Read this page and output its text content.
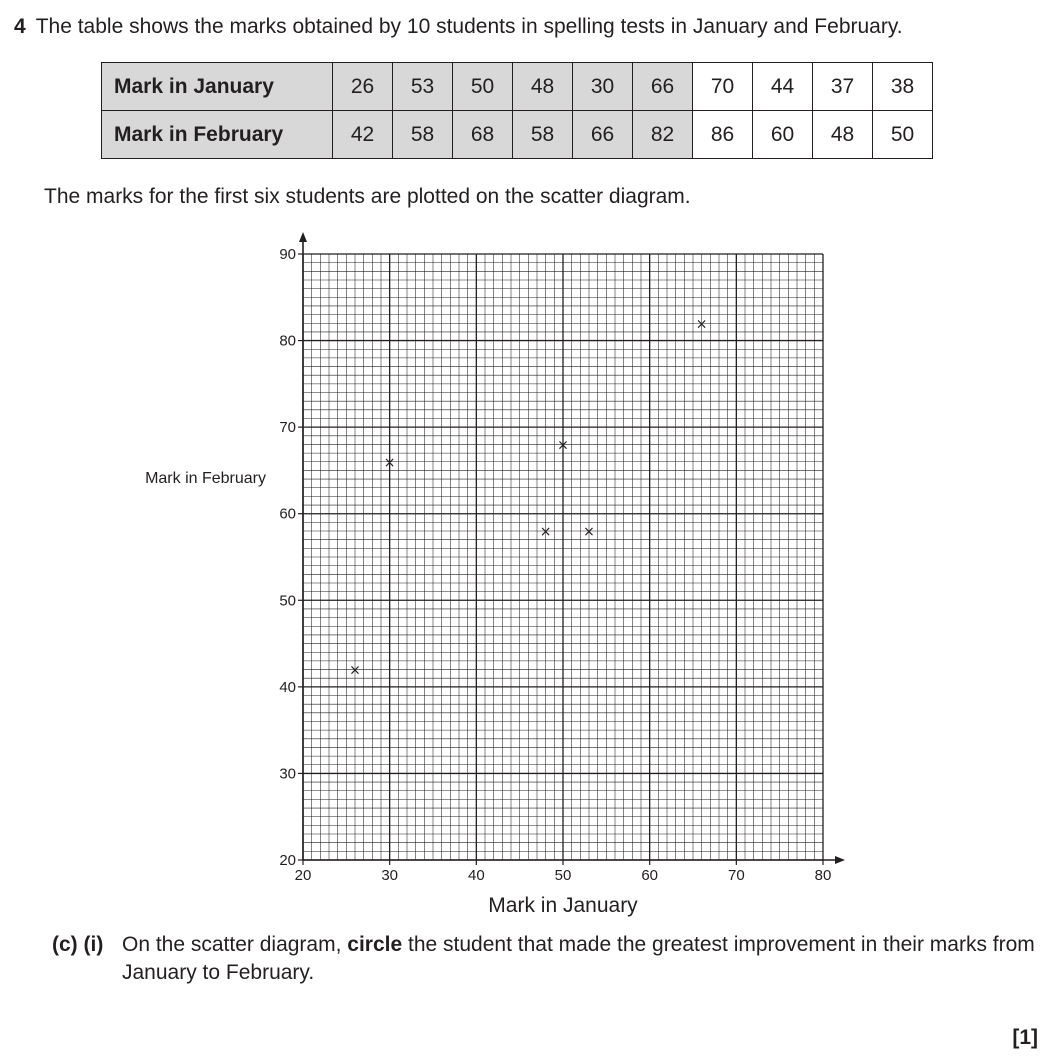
4 The table shows the marks obtained by 10 students in spelling tests in January and February.
Mark in January	26	53	50	48	30	66	70	44	37	38
Mark in February	42	58	68	58	66	82	86	60	48	50
The marks for the first six students are plotted on the scatter diagram.
20	30	40	50	60	70	80
20
30
40
50
60
70
80
90
Mark in January
Mark in February
×
×
×
×
×
×
(c) (i) On the scatter diagram, circle the student that made the greatest improvement in their marks from January to February.
[1]
